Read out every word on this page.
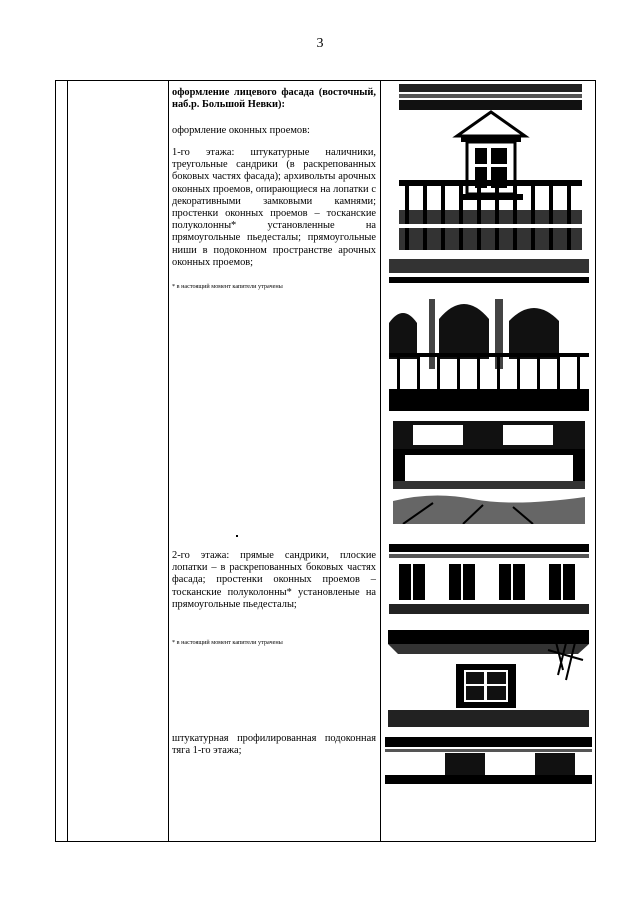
3
оформление лицевого фасада (восточный, наб.р. Большой Невки):
оформление оконных проемов:
1-го этажа: штукатурные наличники, треугольные сандрики (в раскрепованных боковых частях фасада); архивольты арочных оконных проемов, опирающиеся на лопатки с декоративными замковыми камнями; простенки оконных проемов – тосканские полуколонны* установленные на прямоугольные пьедесталы; прямоугольные ниши в подоконном пространстве арочных оконных проемов;
* в настоящий момент капители утрачены
2-го этажа: прямые сандрики, плоские лопатки – в раскрепованных боковых частях фасада; простенки оконных проемов – тосканские полуколонны* установленые на прямоугольные пьедесталы;
* в настоящий момент капители утрачены
штукатурная профилированная подоконная тяга 1-го этажа;
